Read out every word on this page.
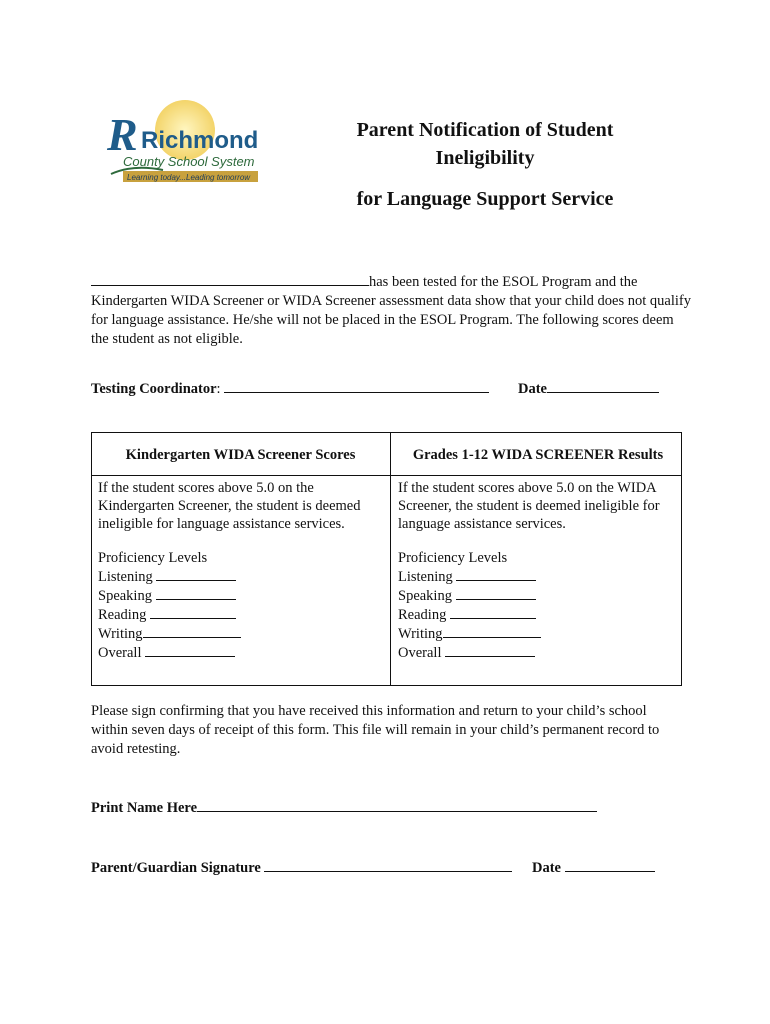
R Richmond
County School System
Learning today...Leading tomorrow
Parent Notification of Student
Ineligibility
for Language Support Service
has been tested for the ESOL Program and the Kindergarten WIDA Screener or WIDA Screener assessment data show that your child does not qualify for language assistance. He/she will not be placed in the ESOL Program. The following scores deem the student as not eligible.
Testing Coordinator:	Date
Kindergarten WIDA Screener Scores
If the student scores above 5.0 on the Kindergarten Screener, the student is deemed ineligible for language assistance services.
Proficiency Levels
Listening
Speaking
Reading
Writing
Overall
Grades 1-12 WIDA SCREENER Results
If the student scores above 5.0 on the WIDA Screener, the student is deemed ineligible for language assistance services.
Proficiency Levels
Listening
Speaking
Reading
Writing
Overall
Please sign confirming that you have received this information and return to your child’s school within seven days of receipt of this form. This file will remain in your child’s permanent record to avoid retesting.
Print Name Here
Parent/Guardian Signature	Date
